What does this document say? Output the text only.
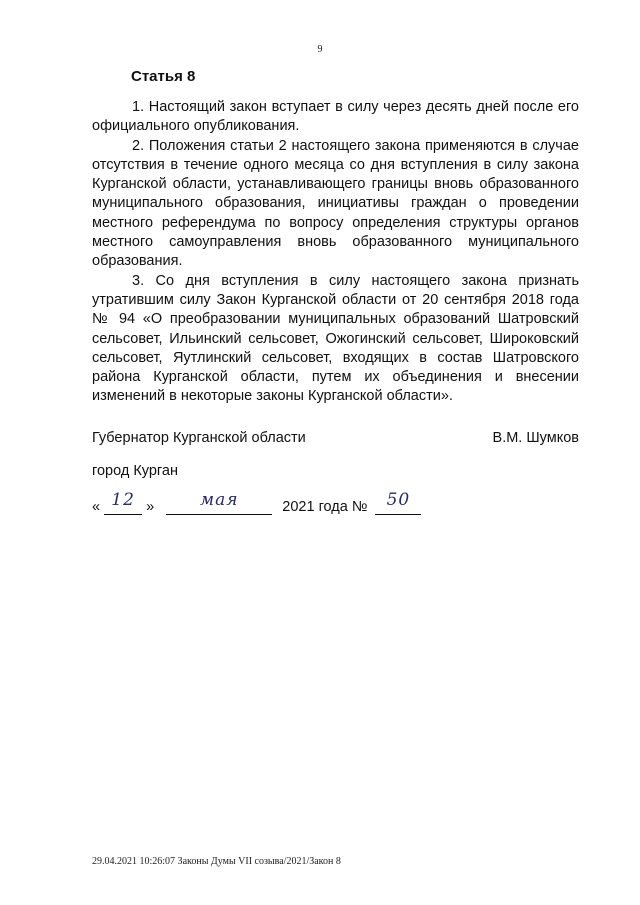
9
Статья 8

1. Настоящий закон вступает в силу через десять дней после его официального опубликования.

2. Положения статьи 2 настоящего закона применяются в случае отсутствия в течение одного месяца со дня вступления в силу закона Курганской области, устанавливающего границы вновь образованного муниципального образования, инициативы граждан о проведении местного референдума по вопросу определения структуры органов местного самоуправления вновь образованного муниципального образования.

3. Со дня вступления в силу настоящего закона признать утратившим силу Закон Курганской области от 20 сентября 2018 года № 94 «О преобразовании муниципальных образований Шатровский сельсовет, Ильинский сельсовет, Ожогинский сельсовет, Широковский сельсовет, Яутлинский сельсовет, входящих в состав Шатровского района Курганской области, путем их объединения и внесении изменений в некоторые законы Курганской области».

Губернатор Курганской области	В.М. Шумков
город Курган
« 12 »	мая	2021 года № 50
29.04.2021 10:26:07 Законы Думы VII созыва/2021/Закон 8
